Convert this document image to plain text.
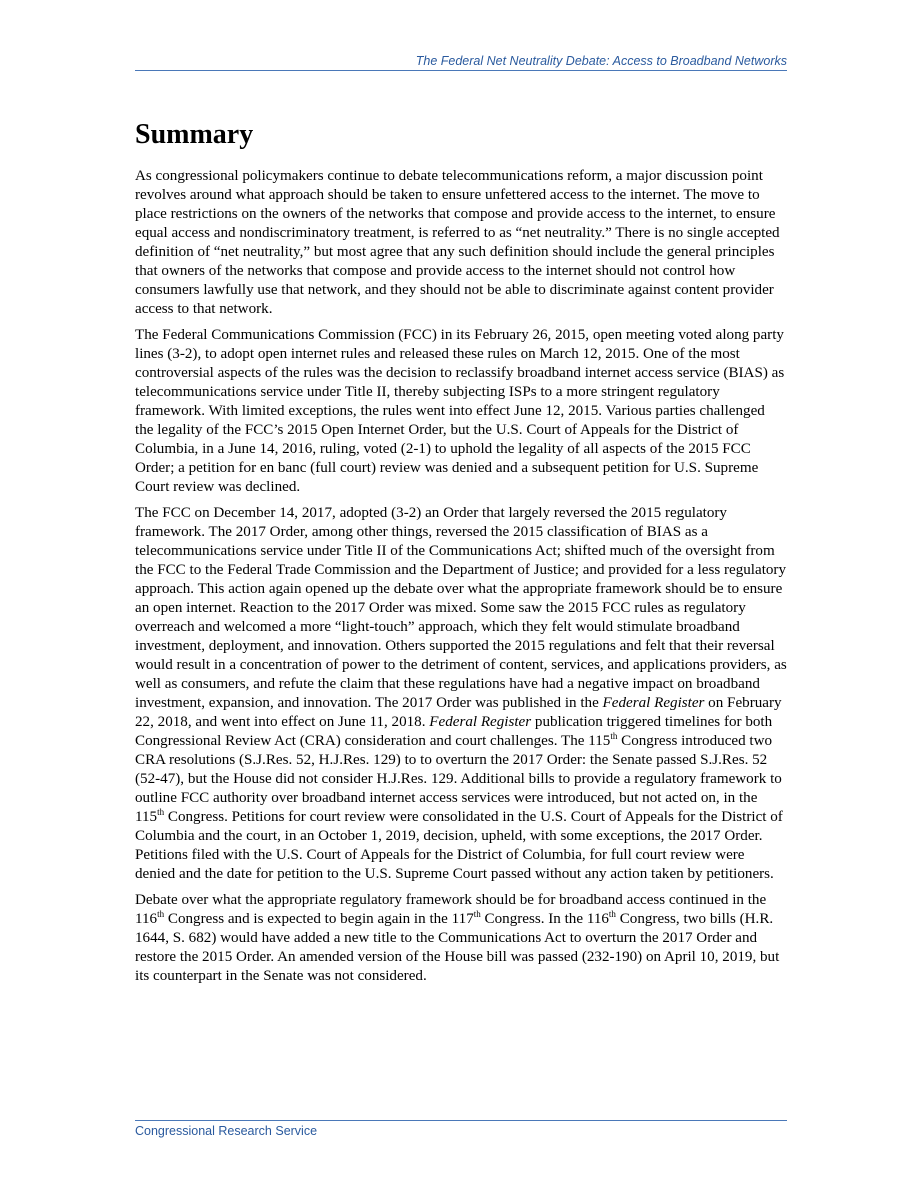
The Federal Net Neutrality Debate: Access to Broadband Networks
Summary

As congressional policymakers continue to debate telecommunications reform, a major discussion point revolves around what approach should be taken to ensure unfettered access to the internet. The move to place restrictions on the owners of the networks that compose and provide access to the internet, to ensure equal access and nondiscriminatory treatment, is referred to as “net neutrality.” There is no single accepted definition of “net neutrality,” but most agree that any such definition should include the general principles that owners of the networks that compose and provide access to the internet should not control how consumers lawfully use that network, and they should not be able to discriminate against content provider access to that network.

The Federal Communications Commission (FCC) in its February 26, 2015, open meeting voted along party lines (3-2), to adopt open internet rules and released these rules on March 12, 2015. One of the most controversial aspects of the rules was the decision to reclassify broadband internet access service (BIAS) as telecommunications service under Title II, thereby subjecting ISPs to a more stringent regulatory framework. With limited exceptions, the rules went into effect June 12, 2015. Various parties challenged the legality of the FCC’s 2015 Open Internet Order, but the U.S. Court of Appeals for the District of Columbia, in a June 14, 2016, ruling, voted (2-1) to uphold the legality of all aspects of the 2015 FCC Order; a petition for en banc (full court) review was denied and a subsequent petition for U.S. Supreme Court review was declined.

The FCC on December 14, 2017, adopted (3-2) an Order that largely reversed the 2015 regulatory framework. The 2017 Order, among other things, reversed the 2015 classification of BIAS as a telecommunications service under Title II of the Communications Act; shifted much of the oversight from the FCC to the Federal Trade Commission and the Department of Justice; and provided for a less regulatory approach. This action again opened up the debate over what the appropriate framework should be to ensure an open internet. Reaction to the 2017 Order was mixed. Some saw the 2015 FCC rules as regulatory overreach and welcomed a more “light-touch” approach, which they felt would stimulate broadband investment, deployment, and innovation. Others supported the 2015 regulations and felt that their reversal would result in a concentration of power to the detriment of content, services, and applications providers, as well as consumers, and refute the claim that these regulations have had a negative impact on broadband investment, expansion, and innovation. The 2017 Order was published in the Federal Register on February 22, 2018, and went into effect on June 11, 2018. Federal Register publication triggered timelines for both Congressional Review Act (CRA) consideration and court challenges. The 115th Congress introduced two CRA resolutions (S.J.Res. 52, H.J.Res. 129) to to overturn the 2017 Order: the Senate passed S.J.Res. 52 (52-47), but the House did not consider H.J.Res. 129. Additional bills to provide a regulatory framework to outline FCC authority over broadband internet access services were introduced, but not acted on, in the 115th Congress. Petitions for court review were consolidated in the U.S. Court of Appeals for the District of Columbia and the court, in an October 1, 2019, decision, upheld, with some exceptions, the 2017 Order. Petitions filed with the U.S. Court of Appeals for the District of Columbia, for full court review were denied and the date for petition to the U.S. Supreme Court passed without any action taken by petitioners.

Debate over what the appropriate regulatory framework should be for broadband access continued in the 116th Congress and is expected to begin again in the 117th Congress. In the 116th Congress, two bills (H.R. 1644, S. 682) would have added a new title to the Communications Act to overturn the 2017 Order and restore the 2015 Order. An amended version of the House bill was passed (232-190) on April 10, 2019, but its counterpart in the Senate was not considered.

Congressional Research Service
